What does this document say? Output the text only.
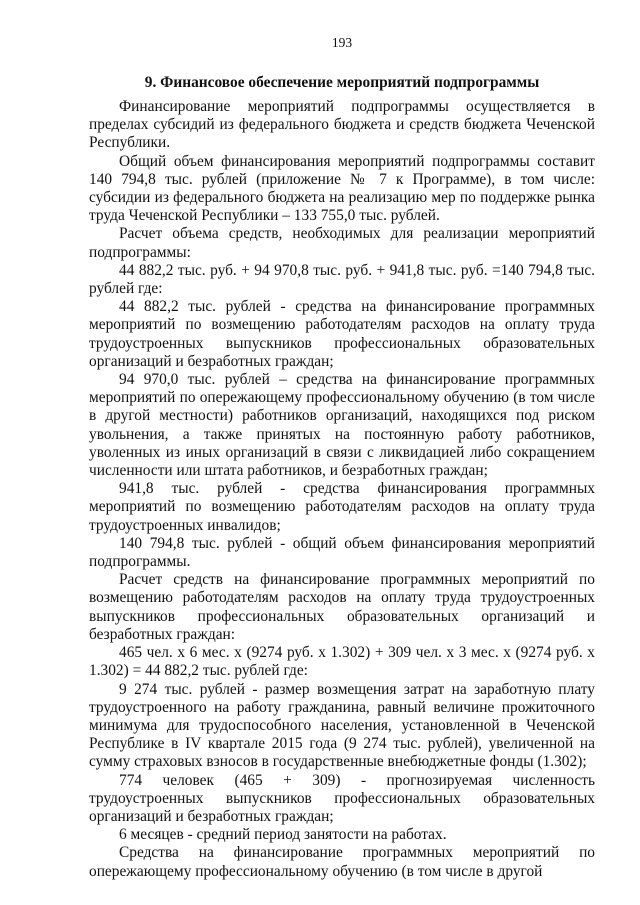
193
9. Финансовое обеспечение мероприятий подпрограммы

Финансирование мероприятий подпрограммы осуществляется в пределах субсидий из федерального бюджета и средств бюджета Чеченской Республики.

Общий объем финансирования мероприятий подпрограммы составит 140 794,8 тыс. рублей (приложение № 7 к Программе), в том числе: субсидии из федерального бюджета на реализацию мер по поддержке рынка труда Чеченской Республики – 133 755,0 тыс. рублей.

Расчет объема средств, необходимых для реализации мероприятий подпрограммы:

44 882,2 тыс. руб. + 94 970,8 тыс. руб. + 941,8 тыс. руб. =140 794,8 тыс. рублей где:

44 882,2 тыс. рублей - средства на финансирование программных мероприятий по возмещению работодателям расходов на оплату труда трудоустроенных выпускников профессиональных образовательных организаций и безработных граждан;

94 970,0 тыс. рублей – средства на финансирование программных мероприятий по опережающему профессиональному обучению (в том числе в другой местности) работников организаций, находящихся под риском увольнения, а также принятых на постоянную работу работников, уволенных из иных организаций в связи с ликвидацией либо сокращением численности или штата работников, и безработных граждан;

941,8 тыс. рублей - средства финансирования программных мероприятий по возмещению работодателям расходов на оплату труда трудоустроенных инвалидов;

140 794,8 тыс. рублей - общий объем финансирования мероприятий подпрограммы.

Расчет средств на финансирование программных мероприятий по возмещению работодателям расходов на оплату труда трудоустроенных выпускников профессиональных образовательных организаций и безработных граждан:

465 чел. х 6 мес. х (9274 руб. х 1.302) + 309 чел. х 3 мес. х (9274 руб. х 1.302) = 44 882,2 тыс. рублей где:

9 274 тыс. рублей - размер возмещения затрат на заработную плату трудоустроенного на работу гражданина, равный величине прожиточного минимума для трудоспособного населения, установленной в Чеченской Республике в IV квартале 2015 года (9 274 тыс. рублей), увеличенной на сумму страховых взносов в государственные внебюджетные фонды (1.302);

774 человек (465 + 309) - прогнозируемая численность трудоустроенных выпускников профессиональных образовательных организаций и безработных граждан;

6 месяцев - средний период занятости на работах.

Средства на финансирование программных мероприятий по опережающему профессиональному обучению (в том числе в другой
